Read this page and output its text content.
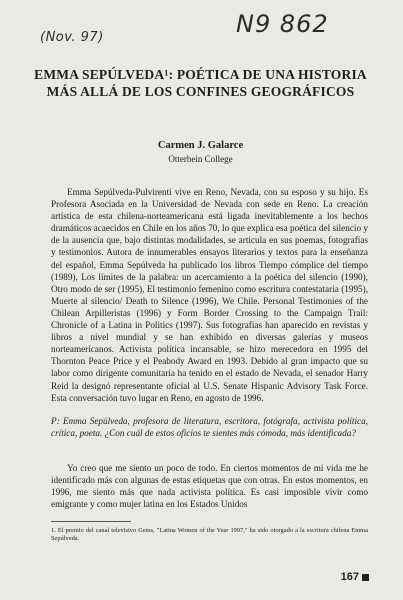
(Nov. 97)	N9 862
EMMA SEPÚLVEDA¹: POÉTICA DE UNA HISTORIA
MÁS ALLÁ DE LOS CONFINES GEOGRÁFICOS

Carmen J. Galarce

Otterbein College

Emma Sepúlveda-Pulvirenti vive en Reno, Nevada, con su esposo y su hijo. Es Profesora Asociada en la Universidad de Nevada con sede en Reno. La creación artística de esta chilena-norteamericana está ligada inevitablemente a los hechos dramáticos acaecidos en Chile en los años 70, lo que explica esa poética del silencio y de la ausencia que, bajo distintas modalidades, se articula en sus poemas, fotografías y testimonios. Autora de innumerables ensayos literarios y textos para la enseñanza del español, Emma Sepúlveda ha publicado los libros Tiempo cómplice del tiempo (1989), Los límites de la palabra: un acercamiento a la poética del silencio (1990), Otro modo de ser (1995), El testimonio femenino como escritura contestataria (1995), Muerte al silencio/ Death to Silence (1996), We Chile. Personal Testimonies of the Chilean Arpilleristas (1996) y Form Border Crossing to the Campaign Trail: Chronicle of a Latina in Politics (1997). Sus fotografías han aparecido en revistas y libros a nivel mundial y se han exhibido en diversas galerías y museos norteamericanos. Activista política incansable, se hizo merecedora en 1995 del Thornton Peace Price y el Peabody Award en 1993. Debido al gran impacto que su labor como dirigente comunitaria ha tenido en el estado de Nevada, el senador Harry Reid la designó representante oficial al U.S. Senate Hispanic Advisory Task Force. Esta conversación tuvo lugar en Reno, en agosto de 1996.

P: Emma Sepúlveda, profesora de literatura, escritora, fotógrafa, activista política, crítica, poeta. ¿Con cuál de estos oficios te sientes más cómoda, más identificada?

Yo creo que me siento un poco de todo. En ciertos momentos de mi vida me he identificado más con algunas de estas etiquetas que con otras. En estos momentos, en 1996, me siento más que nada activista política. Es casi imposible vivir como emigrante y como mujer latina en los Estados Unidos

1. El premio del canal televisivo Gems, "Latina Women of the Year 1997," ha sido otorgado a la escritora chilena Emma Sepúlveda.

167
